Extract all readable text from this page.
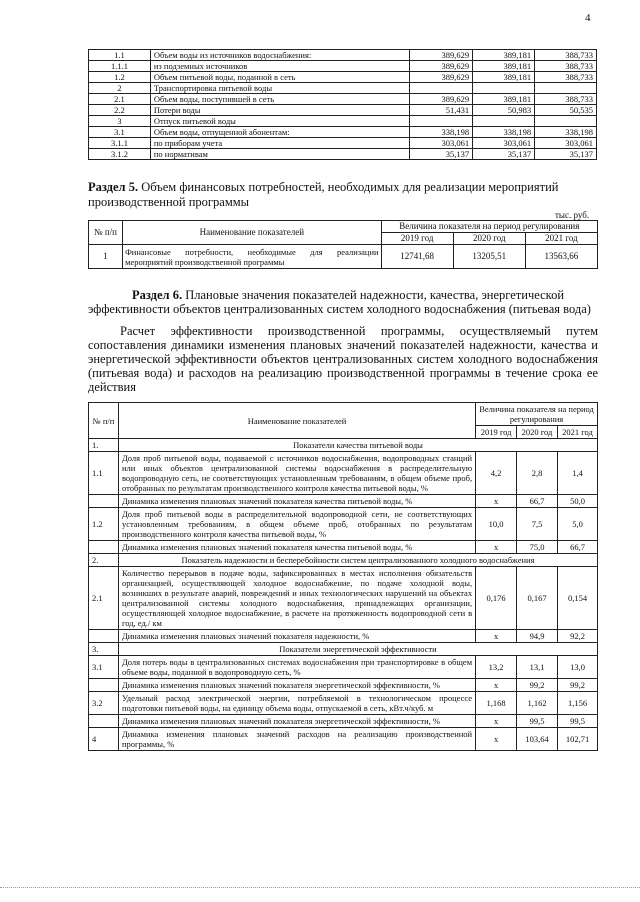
4
1.1	Объем воды из источников водоснабжения:	389,629	389,181	388,733
1.1.1	из подземных источников	389,629	389,181	388,733
1.2	Объем питьевой воды, поданной в сеть	389,629	389,181	388,733
2	Транспортировка питьевой воды			
2.1	Объем воды, поступившей в сеть	389,629	389,181	388,733
2.2	Потери воды	51,431	50,983	50,535
3	Отпуск питьевой воды			
3.1	Объем воды, отпущенной абонентам:	338,198	338,198	338,198
3.1.1	по приборам учета	303,061	303,061	303,061
3.1.2	по нормативам	35,137	35,137	35,137
Раздел 5. Объем финансовых потребностей, необходимых для реализации мероприятий производственной программы
тыс. руб.
№ п/п	Наименование показателей	Величина показателя на период регулирования		
		2019 год	2020 год	2021 год
1	Финансовые потребности, необходимые для реализации мероприятий производственной программы	12741,68	13205,51	13563,66
Раздел 6. Плановые значения показателей надежности, качества, энергетической эффективности объектов централизованных систем холодного водоснабжения (питьевая вода)
Расчет эффективности производственной программы, осуществляемый путем сопоставления динамики изменения плановых значений показателей надежности, качества и энергетической эффективности объектов централизованных систем холодного водоснабжения (питьевая вода) и расходов на реализацию производственной программы в течение срока ее действия
№ п/п	Наименование показателей	Величина показателя на период регулирования		
		2019 год	2020 год	2021 год
1.	Показатели качества питьевой воды			
1.1	Доля проб питьевой воды, подаваемой с источников водоснабжения, водопроводных станций или иных объектов централизованной системы водоснабжения в распределительную водопроводную сеть, не соответствующих установленным требованиям, в общем объеме проб, отобранных по результатам производственного контроля качества питьевой воды, %	4,2	2,8	1,4
	Динамика изменения плановых значений показателя качества питьевой воды, %	x	66,7	50,0
1.2	Доля проб питьевой воды в распределительной водопроводной сети, не соответствующих установленным требованиям, в общем объеме проб, отобранных по результатам производственного контроля качества питьевой воды, %	10,0	7,5	5,0
	Динамика изменения плановых значений показателя качества питьевой воды, %	x	75,0	66,7
2.	Показатель надежности и бесперебойности систем централизованного холодного водоснабжения			
2.1	Количество перерывов в подаче воды, зафиксированных в местах исполнения обязательств организацией, осуществляющей холодное водоснабжение, по подаче холодной воды, возникших в результате аварий, повреждений и иных технологических нарушений на объектах централизованной системы холодного водоснабжения, принадлежащих организации, осуществляющей холодное водоснабжение, в расчете на протяженность водопроводной сети в год, ед./ км	0,176	0,167	0,154
	Динамика изменения плановых значений показателя надежности, %	x	94,9	92,2
3.	Показатели энергетической эффективности			
3.1	Доля потерь воды в централизованных системах водоснабжения при транспортировке в общем объеме воды, поданной в водопроводную сеть, %	13,2	13,1	13,0
	Динамика изменения плановых значений показателя энергетической эффективности, %	x	99,2	99,2
3.2	Удельный расход электрической энергии, потребляемой в технологическом процессе подготовки питьевой воды, на единицу объема воды, отпускаемой в сеть, кВт.ч/куб. м	1,168	1,162	1,156
	Динамика изменения плановых значений показателя энергетической эффективности, %	x	99,5	99,5
4	Динамика изменения плановых значений расходов на реализацию производственной программы, %	x	103,64	102,71
